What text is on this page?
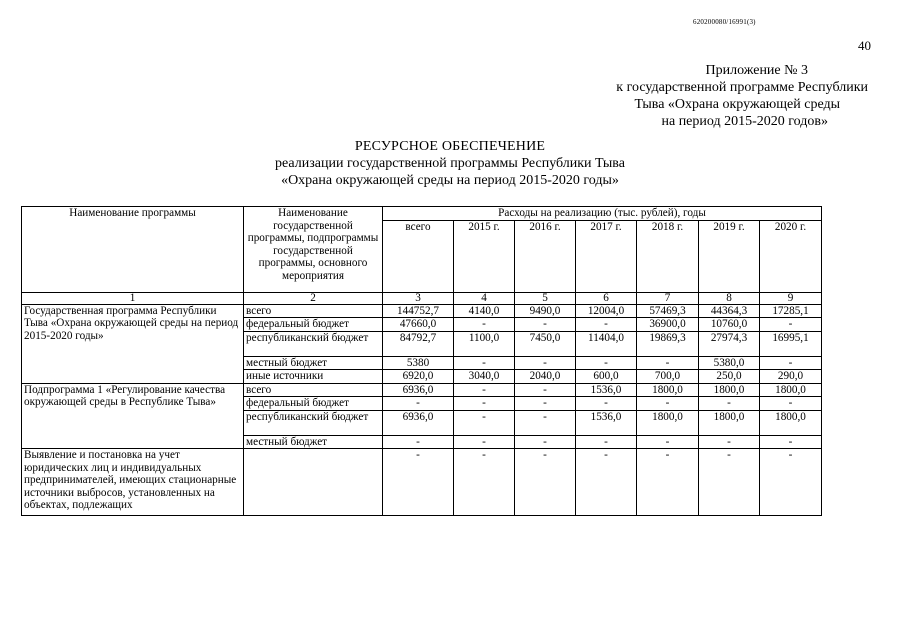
620200080/16991(3)
40
Приложение № 3
к государственной программе Республики
Тыва «Охрана окружающей среды
на период 2015-2020 годов»
РЕСУРСНОЕ ОБЕСПЕЧЕНИЕ
реализации государственной программы Республики Тыва
«Охрана окружающей среды на период 2015-2020 годы»
Наименование программы	Наименование государственной программы, подпрограммы государственной программы, основного мероприятия	Расходы на реализацию (тыс. рублей), годы						
		всего	2015 г.	2016 г.	2017 г.	2018 г.	2019 г.	2020 г.
1	2	3	4	5	6	7	8	9
Государственная программа Республики Тыва «Охрана окружающей среды на период 2015-2020 годы»	всего	144752,7	4140,0	9490,0	12004,0	57469,3	44364,3	17285,1
	федеральный бюджет	47660,0	-	-	-	36900,0	10760,0	-
	республиканский бюджет	84792,7	1100,0	7450,0	11404,0	19869,3	27974,3	16995,1
	местный бюджет	5380	-	-	-	-	5380,0	-
	иные источники	6920,0	3040,0	2040,0	600,0	700,0	250,0	290,0
Подпрограмма 1 «Регулирование качества окружающей среды в Республике Тыва»	всего	6936,0	-	-	1536,0	1800,0	1800,0	1800,0
	федеральный бюджет	-	-	-	-	-	-	-
	республиканский бюджет	6936,0	-	-	1536,0	1800,0	1800,0	1800,0
	местный бюджет	-	-	-	-	-	-	-
Выявление и постановка на учет юридических лиц и индивидуальных предпринимателей, имеющих стационарные источники выбросов, установленных на объектах, подлежащих		-	-	-	-	-	-	-
